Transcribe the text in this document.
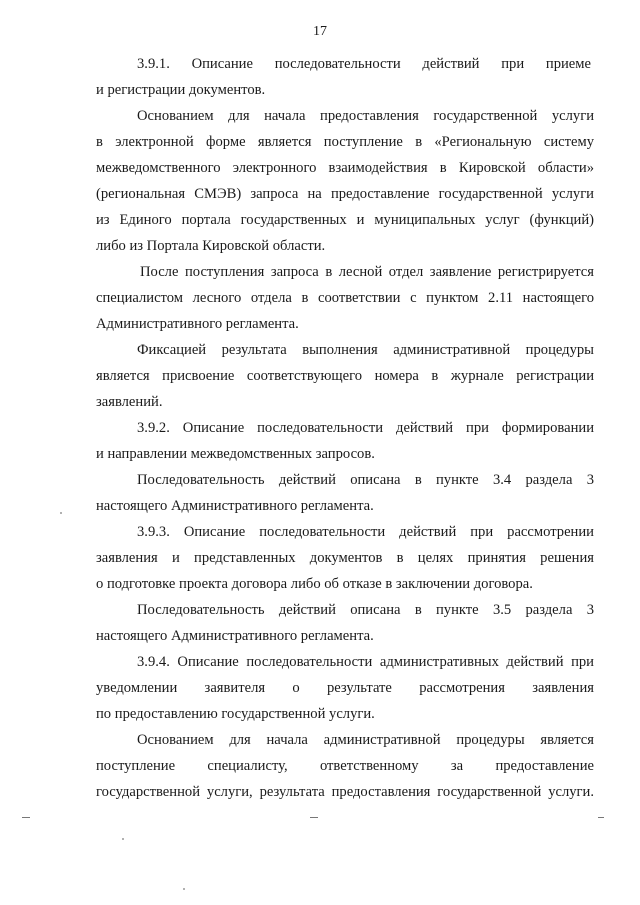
17
3.9.1. Описание последовательности действий при приеме
и регистрации документов.
Основанием для начала предоставления государственной услуги
в электронной форме является поступление в «Региональную систему
межведомственного электронного взаимодействия в Кировской области»
(региональная СМЭВ) запроса на предоставление государственной услуги
из Единого портала государственных и муниципальных услуг (функций)
либо из Портала Кировской области.
После поступления запроса в лесной отдел заявление регистрируется
специалистом лесного отдела в соответствии с пунктом 2.11 настоящего
Административного регламента.
Фиксацией результата выполнения административной процедуры
является присвоение соответствующего номера в журнале регистрации
заявлений.
3.9.2. Описание последовательности действий при формировании
и направлении межведомственных запросов.
Последовательность действий описана в пункте 3.4 раздела 3
настоящего Административного регламента.
3.9.3. Описание последовательности действий при рассмотрении
заявления и представленных документов в целях принятия решения
о подготовке проекта договора либо об отказе в заключении договора.
Последовательность действий описана в пункте 3.5 раздела 3
настоящего Административного регламента.
3.9.4. Описание последовательности административных действий при
уведомлении заявителя о результате рассмотрения заявления
по предоставлению государственной услуги.
Основанием для начала административной процедуры является
поступление специалисту, ответственному за предоставление
государственной услуги, результата предоставления государственной услуги.
